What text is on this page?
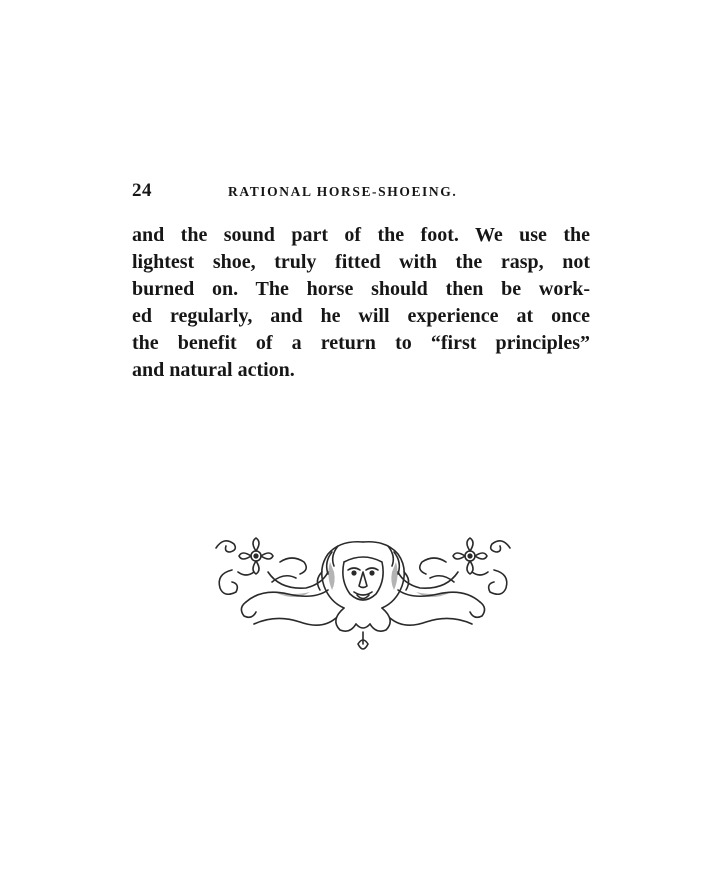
24	RATIONAL HORSE-SHOEING.
and the sound part of the foot. We use the
lightest shoe, truly fitted with the rasp, not
burned on. The horse should then be work-
ed regularly, and he will experience at once
the benefit of a return to “first principles”
and natural action.
